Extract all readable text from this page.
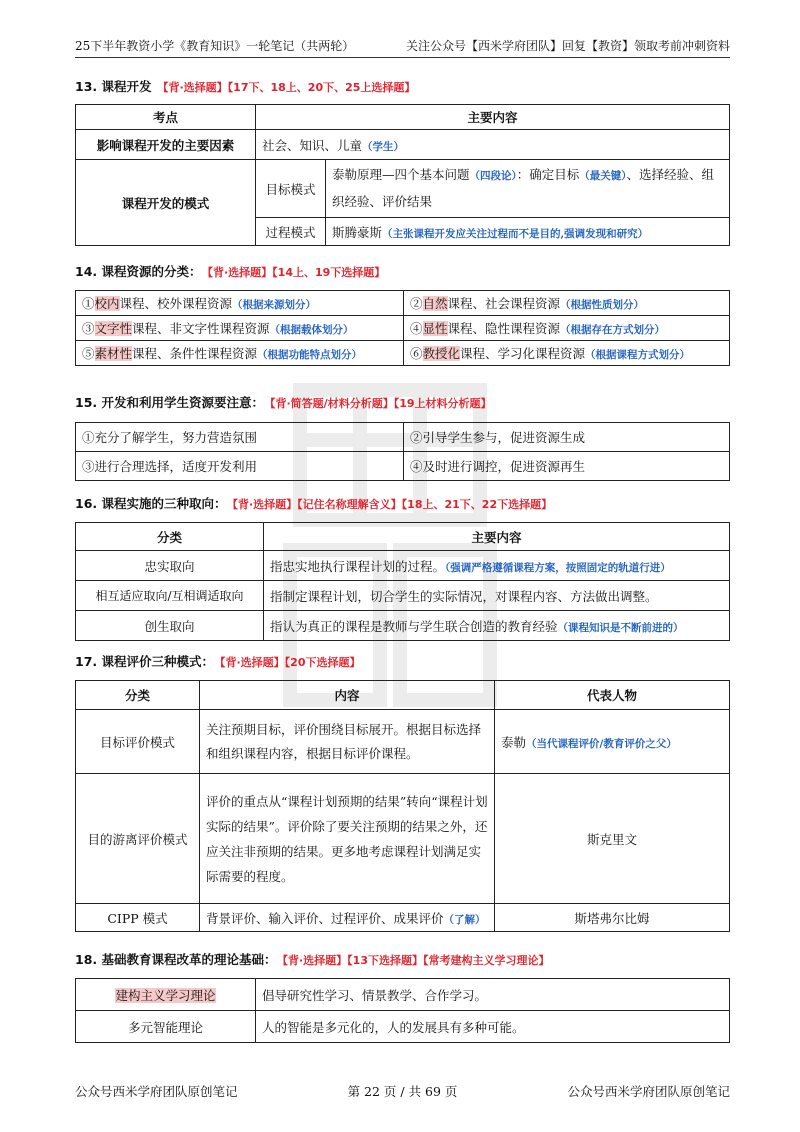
25下半年教资小学《教育知识》一轮笔记（共两轮）	关注公众号【西米学府团队】回复【教资】领取考前冲刺资料
13. 课程开发 【背·选择题】【17下、18上、20下、25上选择题】
考点	主要内容	
影响课程开发的主要因素	社会、知识、儿童（学生）	
课程开发的模式	目标模式	泰勒原理—四个基本问题（四段论）：确定目标（最关键）、选择经验、组织经验、评价结果
	过程模式	斯腾豪斯（主张课程开发应关注过程而不是目的,强调发现和研究）
14. 课程资源的分类： 【背·选择题】【14上、19下选择题】
①校内课程、校外课程资源（根据来源划分）	②自然课程、社会课程资源（根据性质划分）
③文字性课程、非文字性课程资源（根据载体划分）	④显性课程、隐性课程资源（根据存在方式划分）
⑤素材性课程、条件性课程资源（根据功能特点划分）	⑥教授化课程、学习化课程资源（根据课程方式划分）
15. 开发和利用学生资源要注意： 【背·简答题/材料分析题】【19上材料分析题】
①充分了解学生，努力营造氛围	②引导学生参与，促进资源生成
③进行合理选择，适度开发利用	④及时进行调控，促进资源再生
16. 课程实施的三种取向： 【背·选择题】【记住名称理解含义】【18上、21下、22下选择题】
分类	主要内容
忠实取向	指忠实地执行课程计划的过程。（强调严格遵循课程方案，按照固定的轨道行进）
相互适应取向/互相调适取向	指制定课程计划，切合学生的实际情况，对课程内容、方法做出调整。
创生取向	指认为真正的课程是教师与学生联合创造的教育经验（课程知识是不断前进的）
17. 课程评价三种模式： 【背·选择题】【20下选择题】
分类	内容	代表人物
目标评价模式	关注预期目标，评价围绕目标展开。根据目标选择和组织课程内容，根据目标评价课程。	泰勒（当代课程评价/教育评价之父）
目的游离评价模式	评价的重点从“课程计划预期的结果”转向“课程计划实际的结果”。评价除了要关注预期的结果之外，还应关注非预期的结果。更多地考虑课程计划满足实际需要的程度。	斯克里文
CIPP 模式	背景评价、输入评价、过程评价、成果评价（了解）	斯塔弗尔比姆
18. 基础教育课程改革的理论基础： 【背·选择题】【13下选择题】【常考建构主义学习理论】
建构主义学习理论	倡导研究性学习、情景教学、合作学习。
多元智能理论	人的智能是多元化的，人的发展具有多种可能。
公众号西米学府团队原创笔记	第 22 页 / 共 69 页	公众号西米学府团队原创笔记
